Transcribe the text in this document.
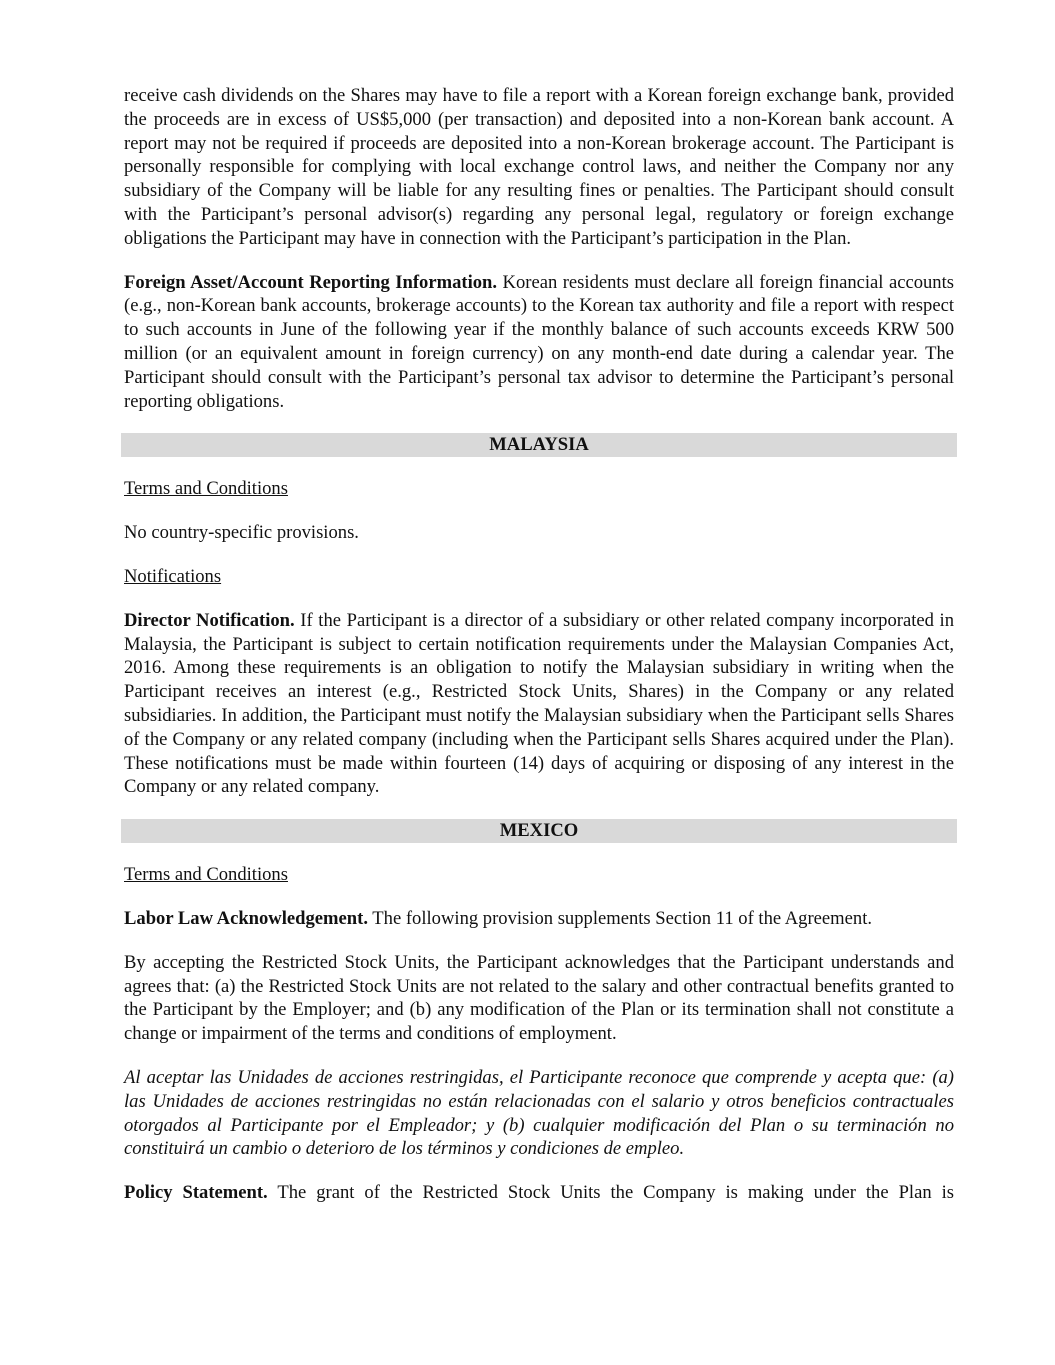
receive cash dividends on the Shares may have to file a report with a Korean foreign exchange bank, provided the proceeds are in excess of US$5,000 (per transaction) and deposited into a non-Korean bank account. A report may not be required if proceeds are deposited into a non-Korean brokerage account. The Participant is personally responsible for complying with local exchange control laws, and neither the Company nor any subsidiary of the Company will be liable for any resulting fines or penalties. The Participant should consult with the Participant’s personal advisor(s) regarding any personal legal, regulatory or foreign exchange obligations the Participant may have in connection with the Participant’s participation in the Plan.

Foreign Asset/Account Reporting Information. Korean residents must declare all foreign financial accounts (e.g., non-Korean bank accounts, brokerage accounts) to the Korean tax authority and file a report with respect to such accounts in June of the following year if the monthly balance of such accounts exceeds KRW 500 million (or an equivalent amount in foreign currency) on any month-end date during a calendar year. The Participant should consult with the Participant’s personal tax advisor to determine the Participant’s personal reporting obligations.

MALAYSIA

Terms and Conditions

No country-specific provisions.

Notifications

Director Notification. If the Participant is a director of a subsidiary or other related company incorporated in Malaysia, the Participant is subject to certain notification requirements under the Malaysian Companies Act, 2016. Among these requirements is an obligation to notify the Malaysian subsidiary in writing when the Participant receives an interest (e.g., Restricted Stock Units, Shares) in the Company or any related subsidiaries. In addition, the Participant must notify the Malaysian subsidiary when the Participant sells Shares of the Company or any related company (including when the Participant sells Shares acquired under the Plan). These notifications must be made within fourteen (14) days of acquiring or disposing of any interest in the Company or any related company.

MEXICO

Terms and Conditions

Labor Law Acknowledgement. The following provision supplements Section 11 of the Agreement.

By accepting the Restricted Stock Units, the Participant acknowledges that the Participant understands and agrees that: (a) the Restricted Stock Units are not related to the salary and other contractual benefits granted to the Participant by the Employer; and (b) any modification of the Plan or its termination shall not constitute a change or impairment of the terms and conditions of employment.

Al aceptar las Unidades de acciones restringidas, el Participante reconoce que comprende y acepta que: (a) las Unidades de acciones restringidas no están relacionadas con el salario y otros beneficios contractuales otorgados al Participante por el Empleador; y (b) cualquier modificación del Plan o su terminación no constituirá un cambio o deterioro de los términos y condiciones de empleo.

Policy Statement. The grant of the Restricted Stock Units the Company is making under the Plan is
